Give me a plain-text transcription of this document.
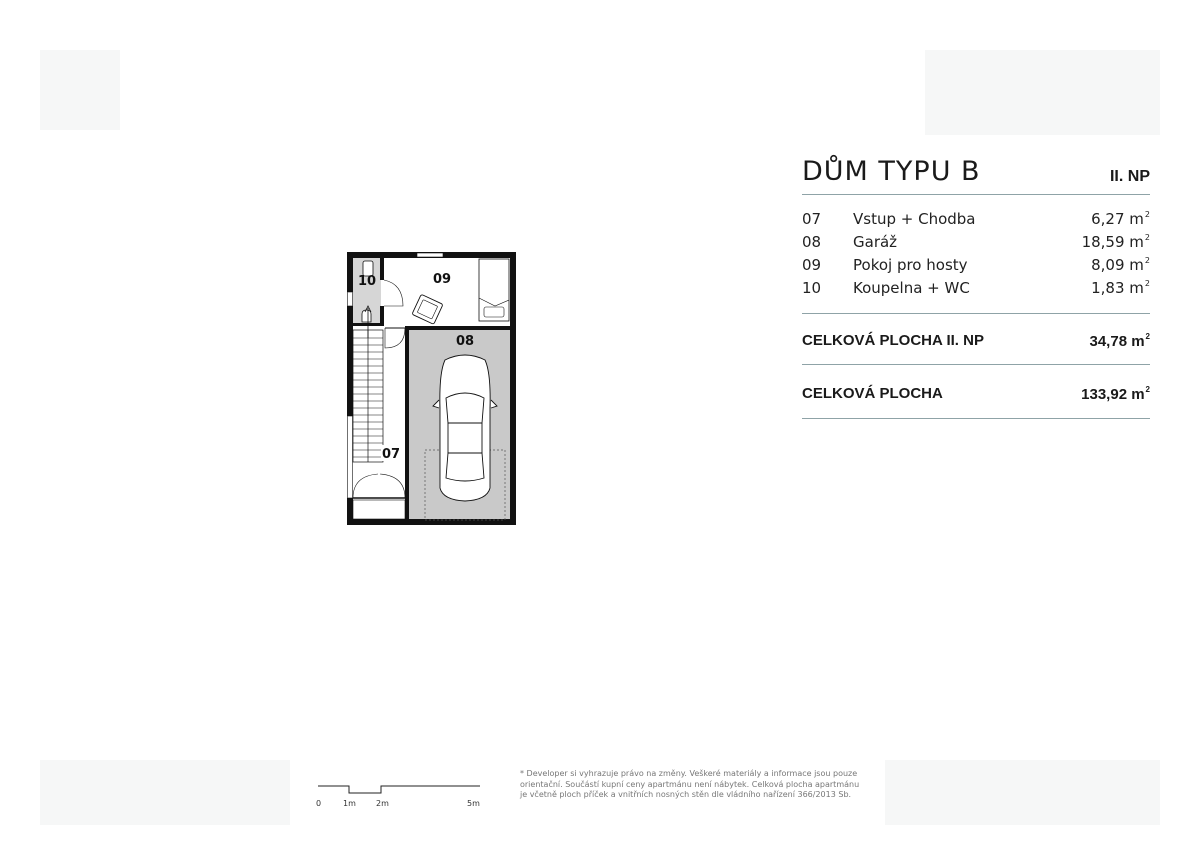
DŮM TYPU B	II. NP
07 Vstup + Chodba	6,27 $m^2$
08 Garáž	18,59 $m^2$
09 Pokoj pro hosty	8,09 $m^2$
10 Koupelna + WC	1,83 $m^2$
CELKOVÁ PLOCHA II. NP	34,78 $m^2$
CELKOVÁ PLOCHA	133,92 $m^2$
10	09
08
07
0	1m	2m	5m
* Developer si vyhrazuje právo na změny. Veškeré materiály a informace jsou pouze orientační. Součástí kupní ceny apartmánu není nábytek. Celková plocha apartmánu je včetně ploch příček a vnitřních nosných stěn dle vládního nařízení 366/2013 Sb.
